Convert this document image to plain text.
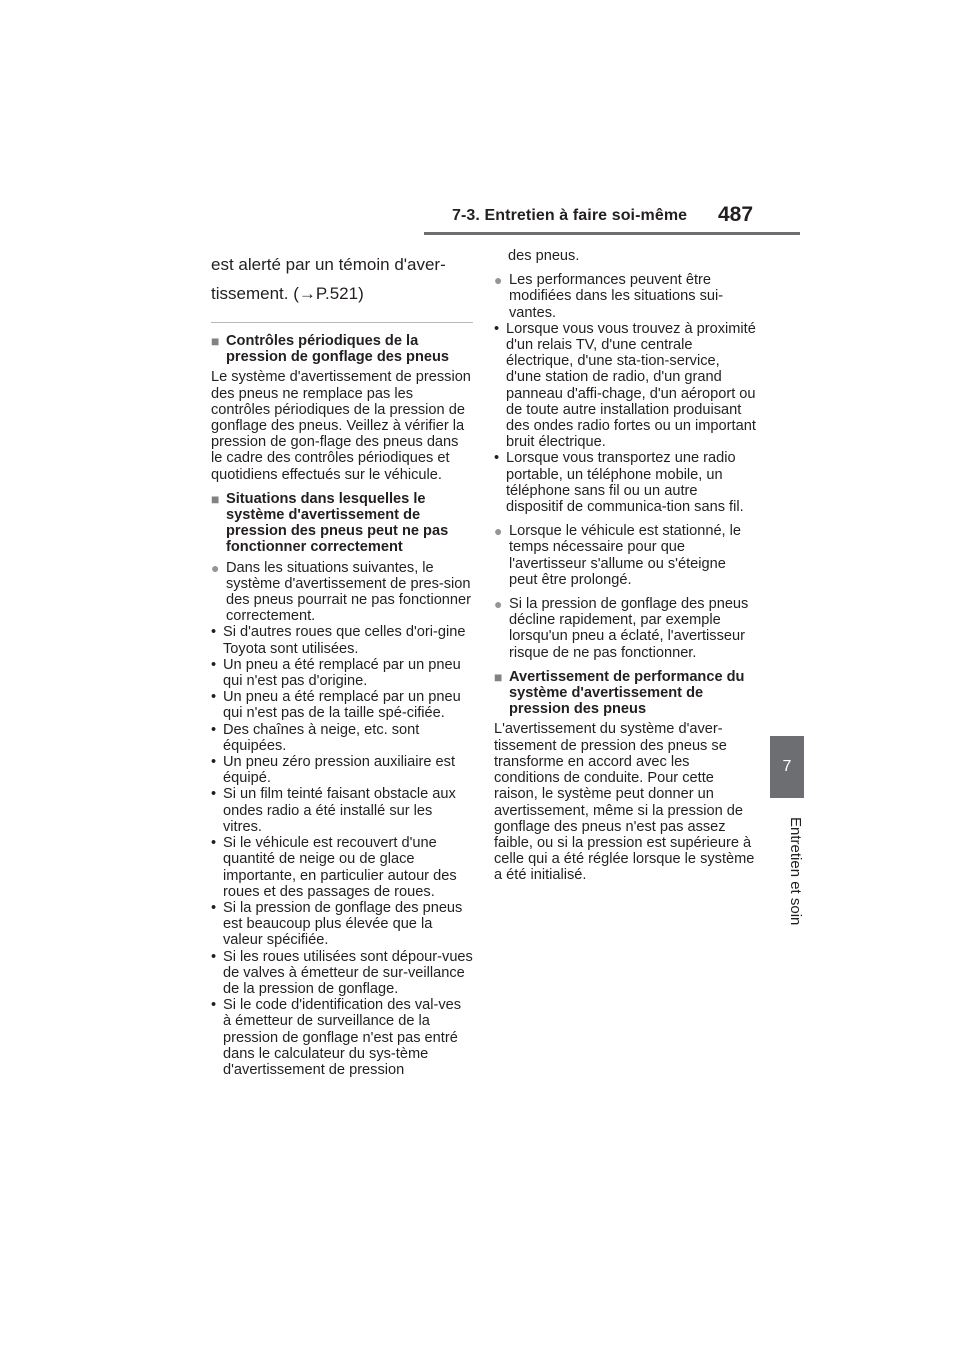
7-3. Entretien à faire soi-même 487
7
Entretien et soin
est alerté par un témoin d'aver-
tissement. (→P.521)
■ Contrôles périodiques de la pression de gonflage des pneus
Le système d'avertissement de pression des pneus ne remplace pas les contrôles périodiques de la pression de gonflage des pneus. Veillez à vérifier la pression de gon-flage des pneus dans le cadre des contrôles périodiques et quotidiens effectués sur le véhicule.
■ Situations dans lesquelles le système d'avertissement de pression des pneus peut ne pas fonctionner correctement
● Dans les situations suivantes, le système d'avertissement de pres-sion des pneus pourrait ne pas fonctionner correctement.
• Si d'autres roues que celles d'ori-gine Toyota sont utilisées.
• Un pneu a été remplacé par un pneu qui n'est pas d'origine.
• Un pneu a été remplacé par un pneu qui n'est pas de la taille spé-cifiée.
• Des chaînes à neige, etc. sont équipées.
• Un pneu zéro pression auxiliaire est équipé.
• Si un film teinté faisant obstacle aux ondes radio a été installé sur les vitres.
• Si le véhicule est recouvert d'une quantité de neige ou de glace importante, en particulier autour des roues et des passages de roues.
• Si la pression de gonflage des pneus est beaucoup plus élevée que la valeur spécifiée.
• Si les roues utilisées sont dépour-vues de valves à émetteur de sur-veillance de la pression de gonflage.
• Si le code d'identification des val-ves à émetteur de surveillance de la pression de gonflage n'est pas entré dans le calculateur du sys-tème d'avertissement de pression
des pneus.
● Les performances peuvent être modifiées dans les situations sui-vantes.
• Lorsque vous vous trouvez à proximité d'un relais TV, d'une centrale électrique, d'une sta-tion-service, d'une station de radio, d'un grand panneau d'affi-chage, d'un aéroport ou de toute autre installation produisant des ondes radio fortes ou un important bruit électrique.
• Lorsque vous transportez une radio portable, un téléphone mobile, un téléphone sans fil ou un autre dispositif de communica-tion sans fil.
● Lorsque le véhicule est stationné, le temps nécessaire pour que l'avertisseur s'allume ou s'éteigne peut être prolongé.
● Si la pression de gonflage des pneus décline rapidement, par exemple lorsqu'un pneu a éclaté, l'avertisseur risque de ne pas fonctionner.
■ Avertissement de performance du système d'avertissement de pression des pneus
L'avertissement du système d'aver-tissement de pression des pneus se transforme en accord avec les conditions de conduite. Pour cette raison, le système peut donner un avertissement, même si la pression de gonflage des pneus n'est pas assez faible, ou si la pression est supérieure à celle qui a été réglée lorsque le système a été initialisé.
